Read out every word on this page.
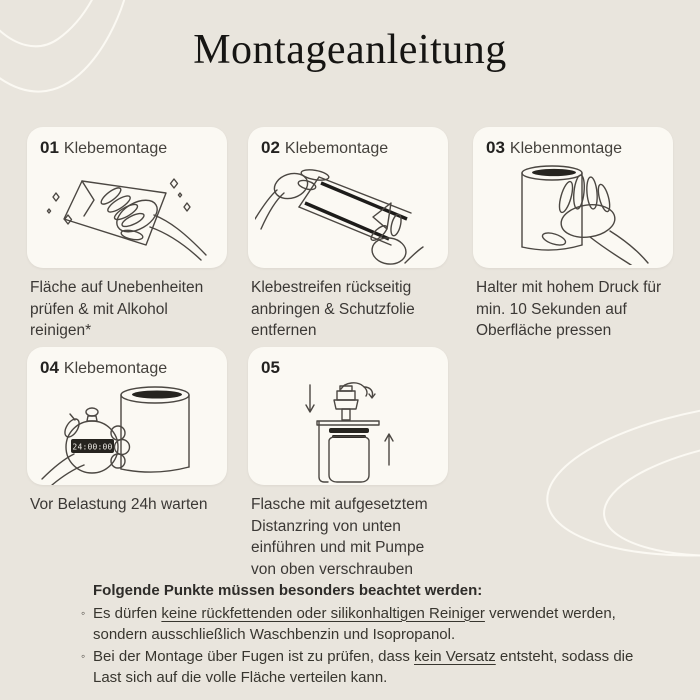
Montageanleitung
01 Klebemontage

Fläche auf Unebenheiten prüfen & mit Alkohol reinigen*

02 Klebemontage

Klebestreifen rückseitig anbringen & Schutzfolie entfernen

03 Klebenmontage

Halter mit hohem Druck für min. 10 Sekunden auf Oberfläche pressen

04 Klebemontage
24:00:00

Vor Belastung 24h warten

05

Flasche mit aufgesetztem Distanzring von unten einführen und mit Pumpe von oben verschrauben

Folgende Punkte müssen besonders beachtet werden:

◦ Es dürfen keine rückfettenden oder silikonhaltigen Reiniger verwendet werden, sondern ausschließlich Waschbenzin und Isopropanol.

◦ Bei der Montage über Fugen ist zu prüfen, dass kein Versatz entsteht, sodass die Last sich auf die volle Fläche verteilen kann.
